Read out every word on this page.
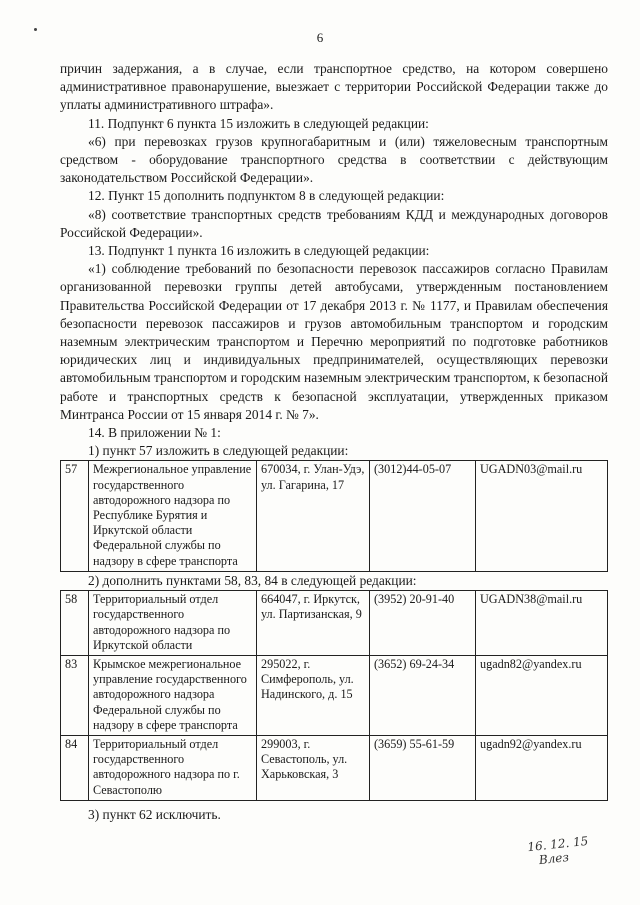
6

причин задержания, а в случае, если транспортное средство, на котором совершено административное правонарушение, выезжает с территории Российской Федерации также до уплаты административного штрафа».

11. Подпункт 6 пункта 15 изложить в следующей редакции:

«6) при перевозках грузов крупногабаритным и (или) тяжеловесным транспортным средством - оборудование транспортного средства в соответствии с действующим законодательством Российской Федерации».

12. Пункт 15 дополнить подпунктом 8 в следующей редакции:

«8) соответствие транспортных средств требованиям КДД и международных договоров Российской Федерации».

13. Подпункт 1 пункта 16 изложить в следующей редакции:

«1) соблюдение требований по безопасности перевозок пассажиров согласно Правилам организованной перевозки группы детей автобусами, утвержденным постановлением Правительства Российской Федерации от 17 декабря 2013 г. № 1177, и Правилам обеспечения безопасности перевозок пассажиров и грузов автомобильным транспортом и городским наземным электрическим транспортом и Перечню мероприятий по подготовке работников юридических лиц и индивидуальных предпринимателей, осуществляющих перевозки автомобильным транспортом и городским наземным электрическим транспортом, к безопасной работе и транспортных средств к безопасной эксплуатации, утвержденных приказом Минтранса России от 15 января 2014 г. № 7».

14. В приложении № 1:

1) пункт 57 изложить в следующей редакции:

57	Межрегиональное управление государственного автодорожного надзора по Республике Бурятия и Иркутской области Федеральной службы по надзору в сфере транспорта	670034, г. Улан-Удэ, ул. Гагарина, 17	(3012)44-05-07	UGADN03@mail.ru

2) дополнить пунктами 58, 83, 84 в следующей редакции:

58	Территориальный отдел государственного автодорожного надзора по Иркутской области	664047, г. Иркутск, ул. Партизанская, 9	(3952) 20-91-40	UGADN38@mail.ru
83	Крымское межрегиональное управление государственного автодорожного надзора Федеральной службы по надзору в сфере транспорта	295022, г. Симферополь, ул. Надинского, д. 15	(3652) 69-24-34	ugadn82@yandex.ru
84	Территориальный отдел государственного автодорожного надзора по г. Севастополю	299003, г. Севастополь, ул. Харьковская, 3	(3659) 55-61-59	ugadn92@yandex.ru

3) пункт 62 исключить.

16. 12. 15
Влез
